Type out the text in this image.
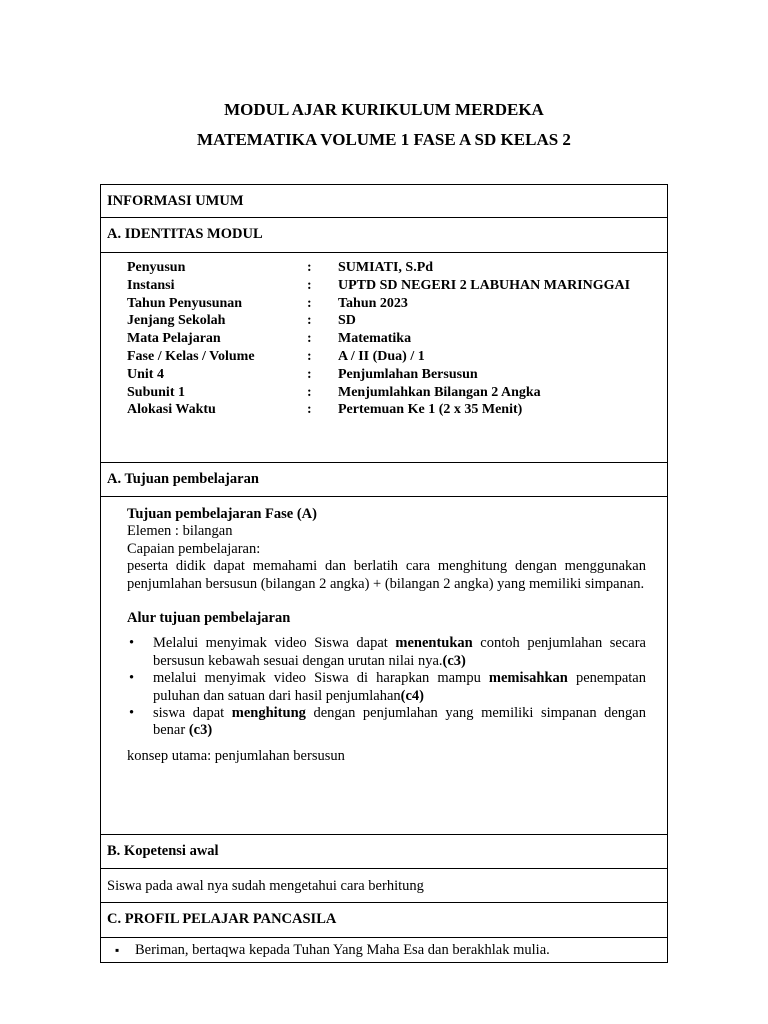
MODUL AJAR KURIKULUM MERDEKA
MATEMATIKA VOLUME 1 FASE A SD KELAS 2
INFORMASI UMUM
A. IDENTITAS MODUL
Penyusun	:	SUMIATI, S.Pd
Instansi	:	UPTD SD NEGERI 2 LABUHAN MARINGGAI
Tahun Penyusunan	:	Tahun 2023
Jenjang Sekolah	:	SD
Mata Pelajaran	:	Matematika
Fase / Kelas / Volume	:	A / II (Dua) / 1
Unit 4	:	Penjumlahan Bersusun
Subunit 1	:	Menjumlahkan Bilangan 2 Angka
Alokasi Waktu	:	Pertemuan Ke 1 (2 x 35 Menit)
A. Tujuan pembelajaran
Tujuan pembelajaran Fase (A)
Elemen : bilangan
Capaian pembelajaran:
peserta didik dapat memahami dan berlatih cara menghitung dengan menggunakan penjumlahan bersusun (bilangan 2 angka) + (bilangan 2 angka) yang memiliki simpanan.
Alur tujuan pembelajaran
• Melalui menyimak video Siswa dapat menentukan contoh penjumlahan secara bersusun kebawah sesuai dengan urutan nilai nya.(c3)
• melalui menyimak video Siswa di harapkan mampu memisahkan penempatan puluhan dan satuan dari hasil penjumlahan(c4)
• siswa dapat menghitung dengan penjumlahan yang memiliki simpanan dengan benar (c3)
konsep utama: penjumlahan bersusun
B. Kopetensi awal
Siswa pada awal nya sudah mengetahui cara berhitung
C. PROFIL PELAJAR PANCASILA
▪ Beriman, bertaqwa kepada Tuhan Yang Maha Esa dan berakhlak mulia.
